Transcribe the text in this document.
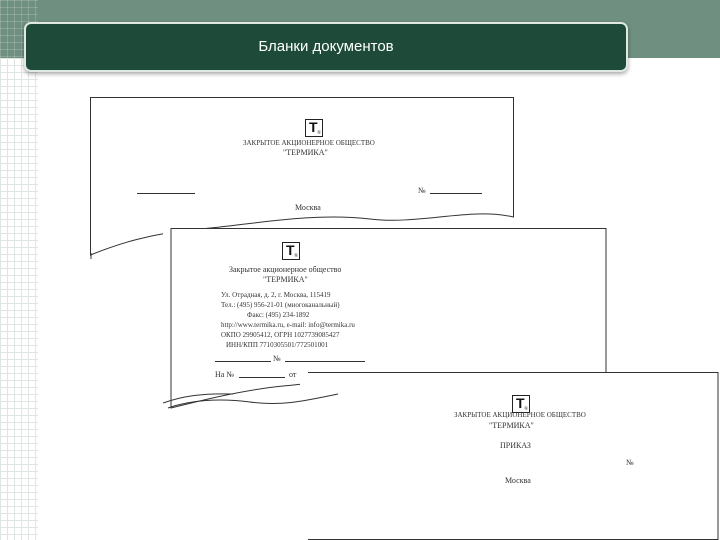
Бланки документов
Т ®
ЗАКРЫТОЕ АКЦИОНЕРНОЕ ОБЩЕСТВО
"ТЕРМИКА"
№
Москва
Т ®
Закрытое акционерное общество
"ТЕРМИКА"
Ул. Отрадная, д. 2, г. Москва, 115419
Тел.: (495) 956-21-01 (многоканальный)
Факс: (495) 234-1892
http://www.termika.ru, e-mail: info@termika.ru
ОКПО 29905412, ОГРН 1027739085427
ИНН/КПП 7710305501/772501001
№
На №	от
Т ®
ЗАКРЫТОЕ АКЦИОНЕРНОЕ ОБЩЕСТВО
"ТЕРМИКА"
ПРИКАЗ
№
Москва
